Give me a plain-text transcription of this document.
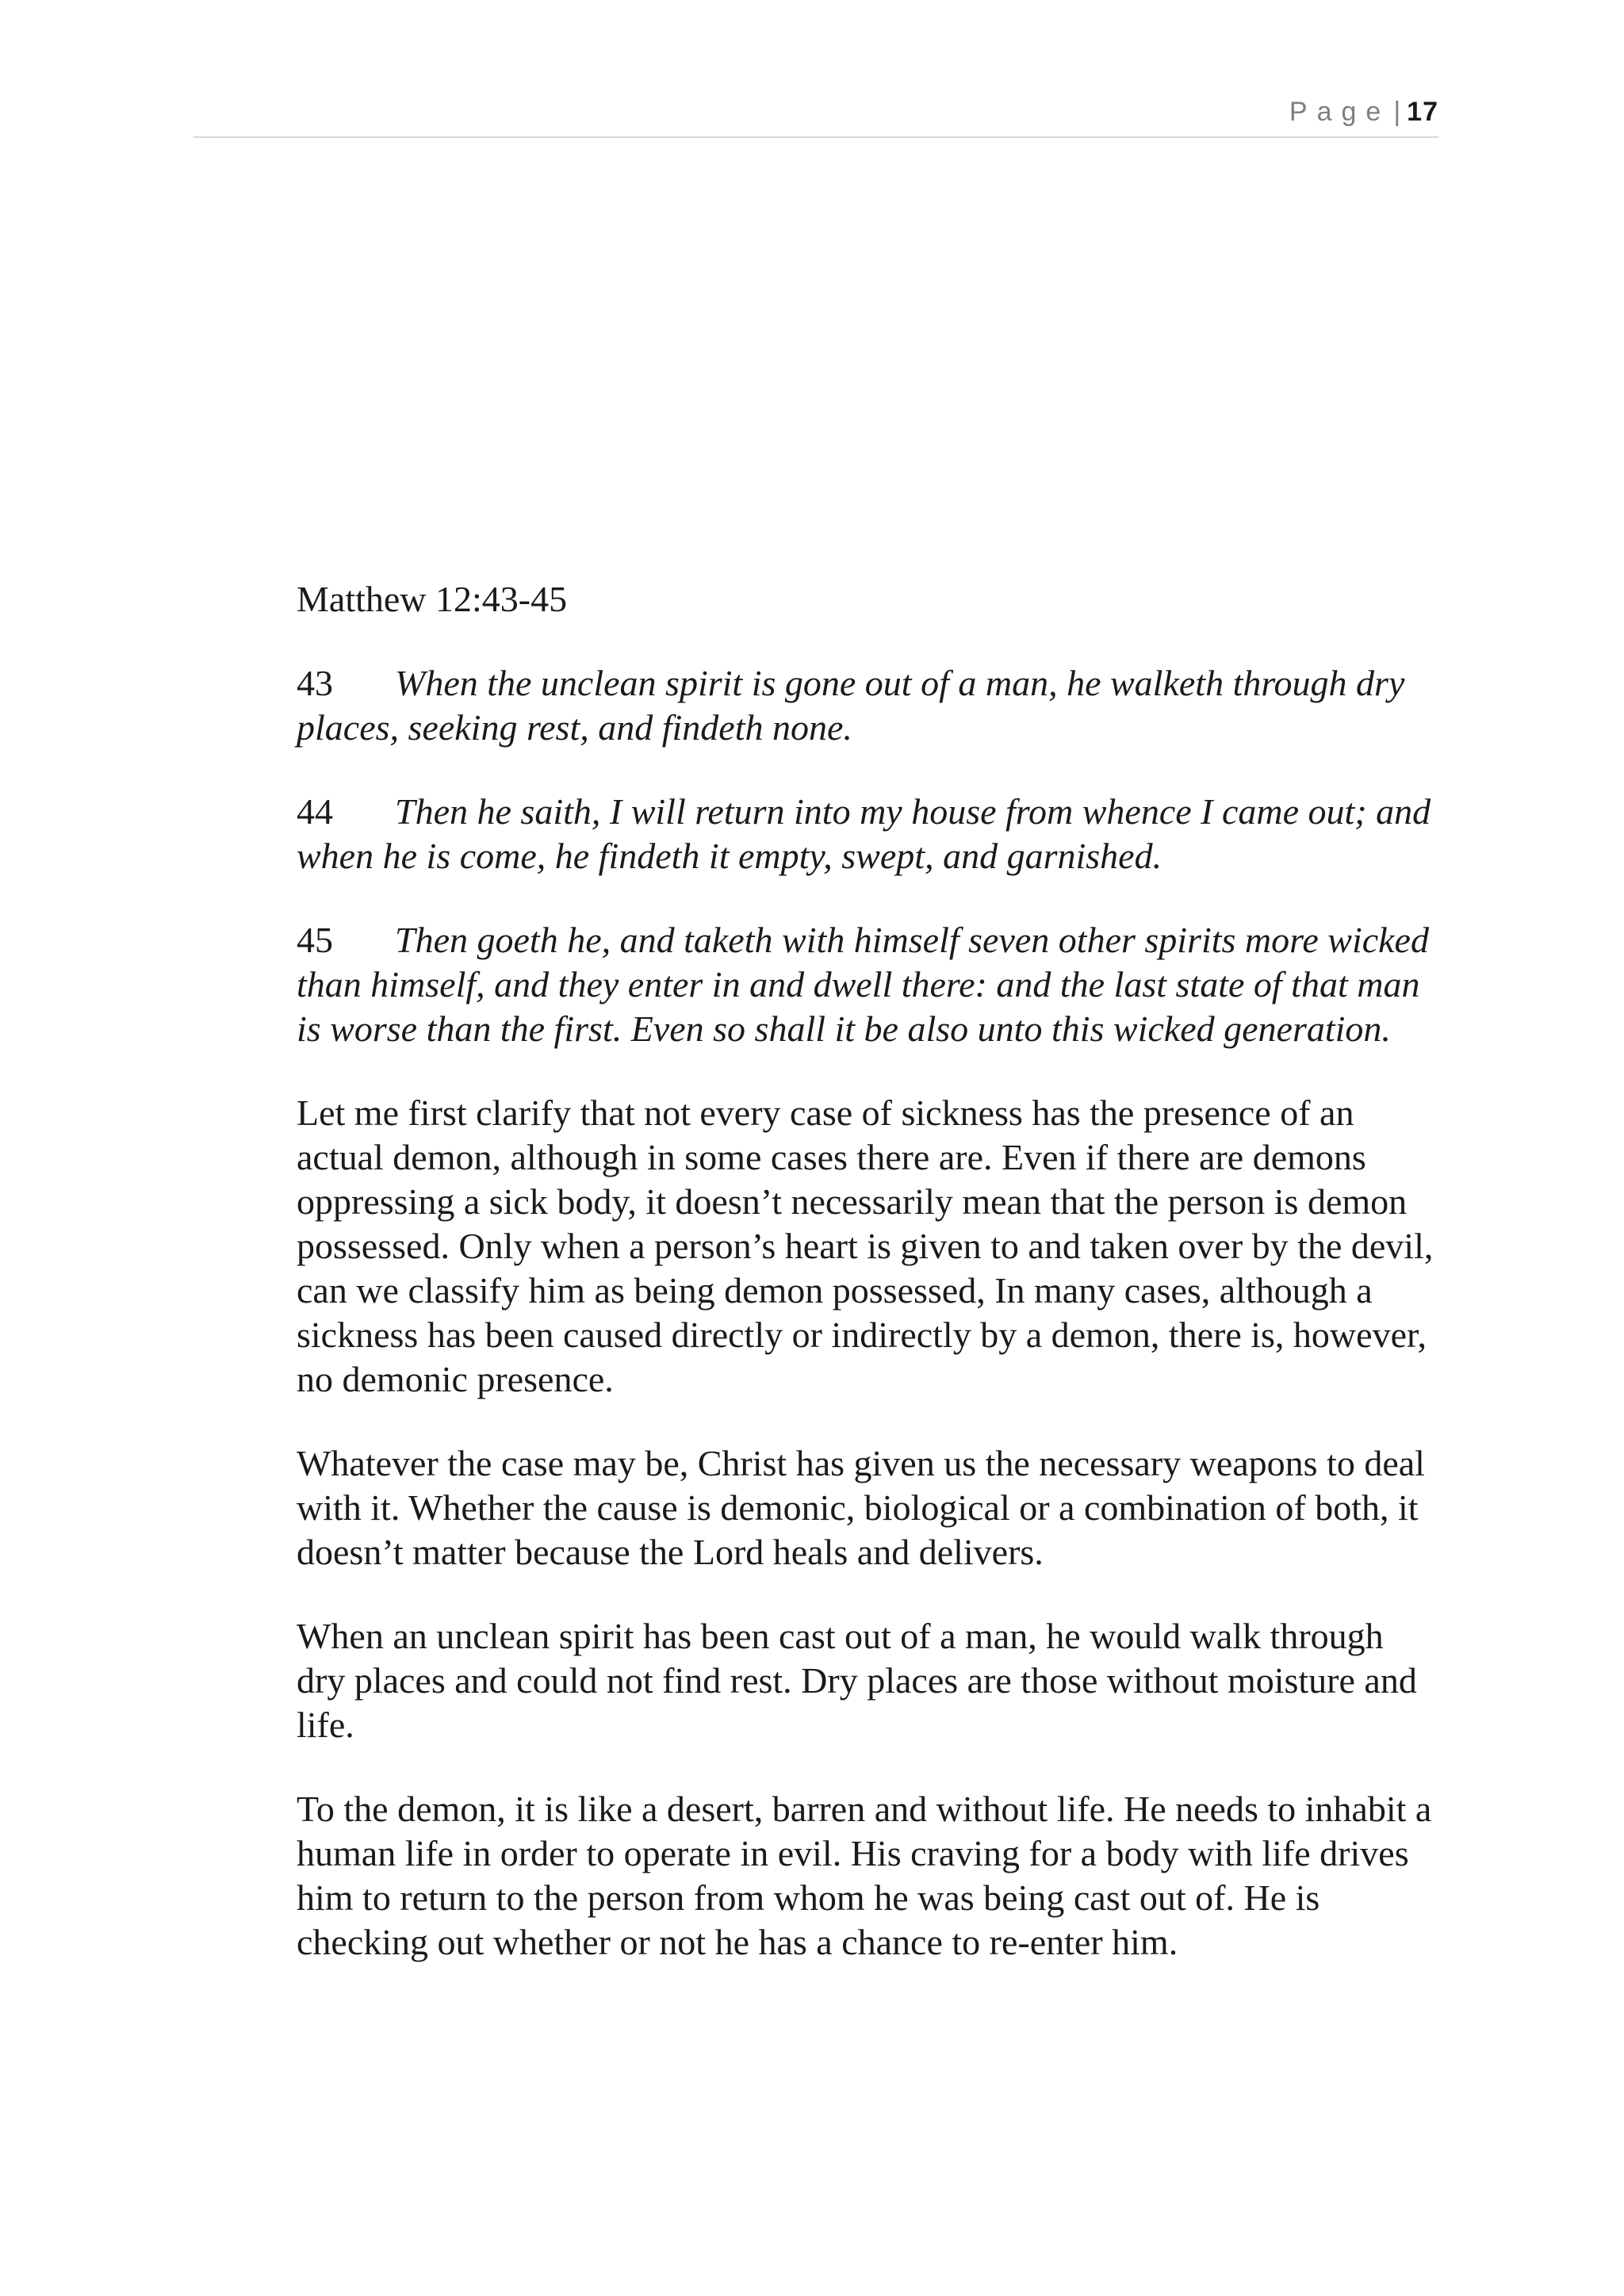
Page | 17

Matthew 12:43-45

43 When the unclean spirit is gone out of a man, he walketh through dry places, seeking rest, and findeth none.

44 Then he saith, I will return into my house from whence I came out; and when he is come, he findeth it empty, swept, and garnished.

45 Then goeth he, and taketh with himself seven other spirits more wicked than himself, and they enter in and dwell there: and the last state of that man is worse than the first. Even so shall it be also unto this wicked generation.

Let me first clarify that not every case of sickness has the presence of an actual demon, although in some cases there are. Even if there are demons oppressing a sick body, it doesn’t necessarily mean that the person is demon possessed. Only when a person’s heart is given to and taken over by the devil, can we classify him as being demon possessed, In many cases, although a sickness has been caused directly or indirectly by a demon, there is, however, no demonic presence.

Whatever the case may be, Christ has given us the necessary weapons to deal with it. Whether the cause is demonic, biological or a combination of both, it doesn’t matter because the Lord heals and delivers.

When an unclean spirit has been cast out of a man, he would walk through dry places and could not find rest. Dry places are those without moisture and life.

To the demon, it is like a desert, barren and without life. He needs to inhabit a human life in order to operate in evil. His craving for a body with life drives him to return to the person from whom he was being cast out of. He is checking out whether or not he has a chance to re-enter him.
